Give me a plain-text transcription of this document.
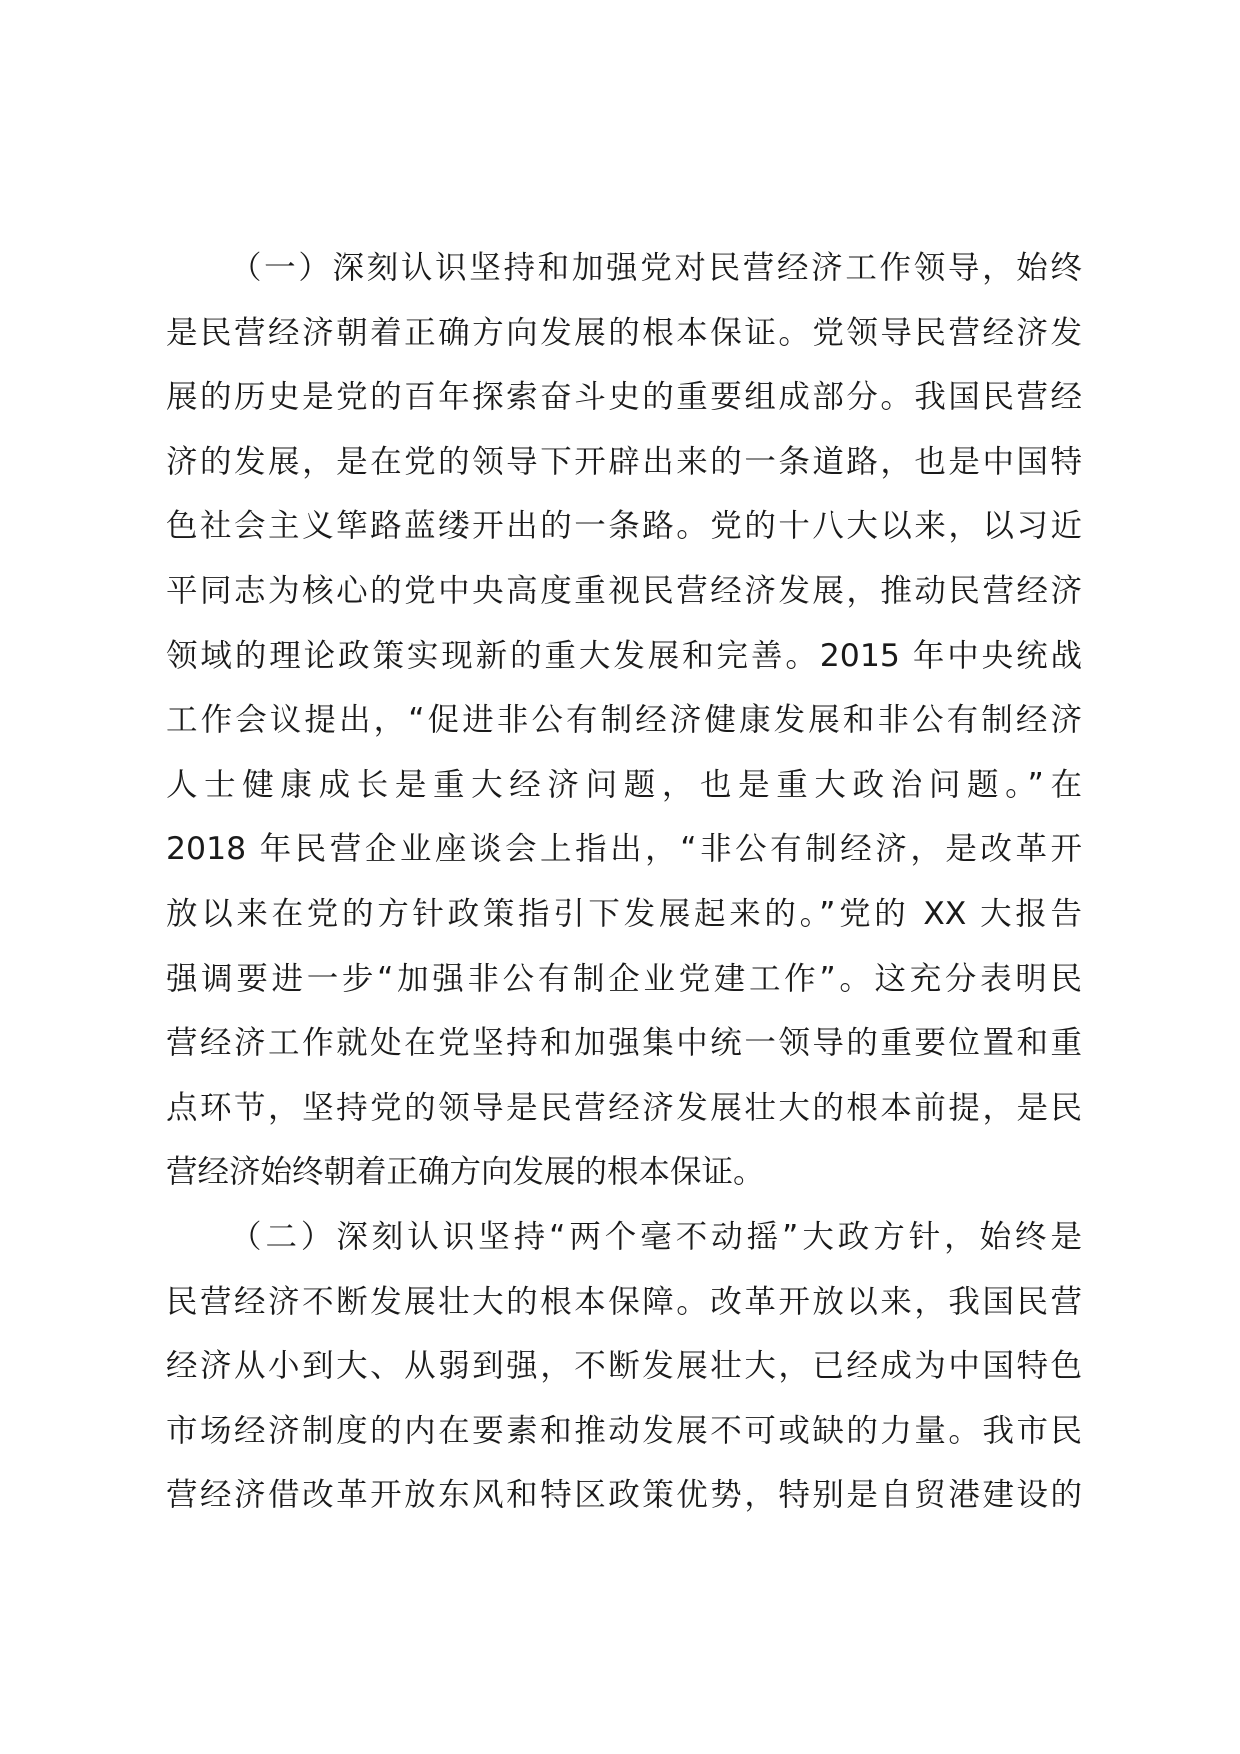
（一）深刻认识坚持和加强党对民营经济工作领导，始终
是民营经济朝着正确方向发展的根本保证。党领导民营经济发
展的历史是党的百年探索奋斗史的重要组成部分。我国民营经
济的发展，是在党的领导下开辟出来的一条道路，也是中国特
色社会主义筚路蓝缕开出的一条路。党的十八大以来，以习近
平同志为核心的党中央高度重视民营经济发展，推动民营经济
领域的理论政策实现新的重大发展和完善。2015 年中央统战
工作会议提出，“促进非公有制经济健康发展和非公有制经济
人士健康成长是重大经济问题，也是重大政治问题。”在
2018 年民营企业座谈会上指出，“非公有制经济，是改革开
放以来在党的方针政策指引下发展起来的。”党的 XX 大报告
强调要进一步“加强非公有制企业党建工作”。这充分表明民
营经济工作就处在党坚持和加强集中统一领导的重要位置和重
点环节，坚持党的领导是民营经济发展壮大的根本前提，是民
营经济始终朝着正确方向发展的根本保证。
（二）深刻认识坚持“两个毫不动摇”大政方针，始终是
民营经济不断发展壮大的根本保障。改革开放以来，我国民营
经济从小到大、从弱到强，不断发展壮大，已经成为中国特色
市场经济制度的内在要素和推动发展不可或缺的力量。我市民
营经济借改革开放东风和特区政策优势，特别是自贸港建设的
